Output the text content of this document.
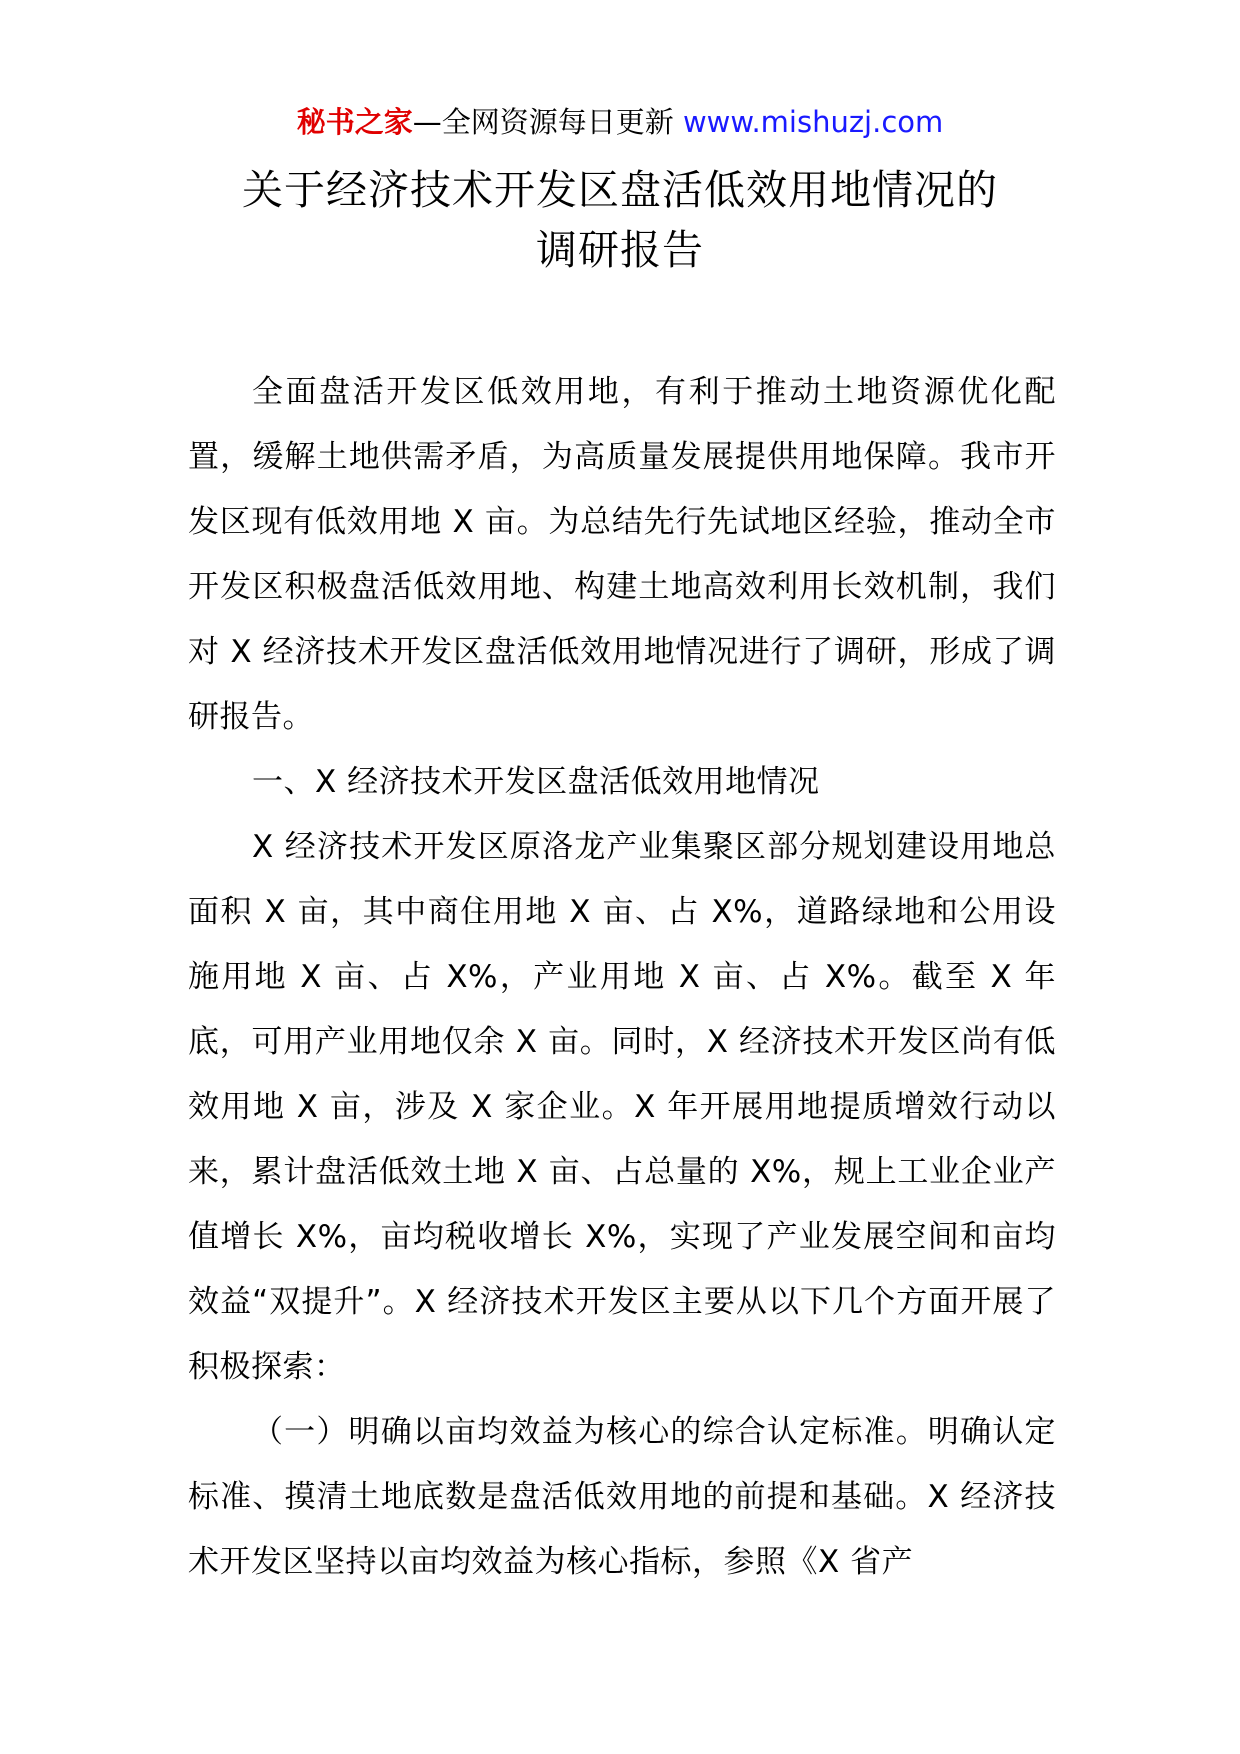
秘书之家—全网资源每日更新 www.mishuzj.com
关于经济技术开发区盘活低效用地情况的
调研报告

全面盘活开发区低效用地，有利于推动土地资源优化配置，缓解土地供需矛盾，为高质量发展提供用地保障。我市开发区现有低效用地 X 亩。为总结先行先试地区经验，推动全市开发区积极盘活低效用地、构建土地高效利用长效机制，我们对 X 经济技术开发区盘活低效用地情况进行了调研，形成了调研报告。

一、X 经济技术开发区盘活低效用地情况

X 经济技术开发区原洛龙产业集聚区部分规划建设用地总面积 X 亩，其中商住用地 X 亩、占 X%，道路绿地和公用设施用地 X 亩、占 X%，产业用地 X 亩、占 X%。截至 X 年底，可用产业用地仅余 X 亩。同时，X 经济技术开发区尚有低效用地 X 亩，涉及 X 家企业。X 年开展用地提质增效行动以来，累计盘活低效土地 X 亩、占总量的 X%，规上工业企业产值增长 X%，亩均税收增长 X%，实现了产业发展空间和亩均效益“双提升”。X 经济技术开发区主要从以下几个方面开展了积极探索：

（一）明确以亩均效益为核心的综合认定标准。明确认定标准、摸清土地底数是盘活低效用地的前提和基础。X 经济技术开发区坚持以亩均效益为核心指标，参照《X 省产
